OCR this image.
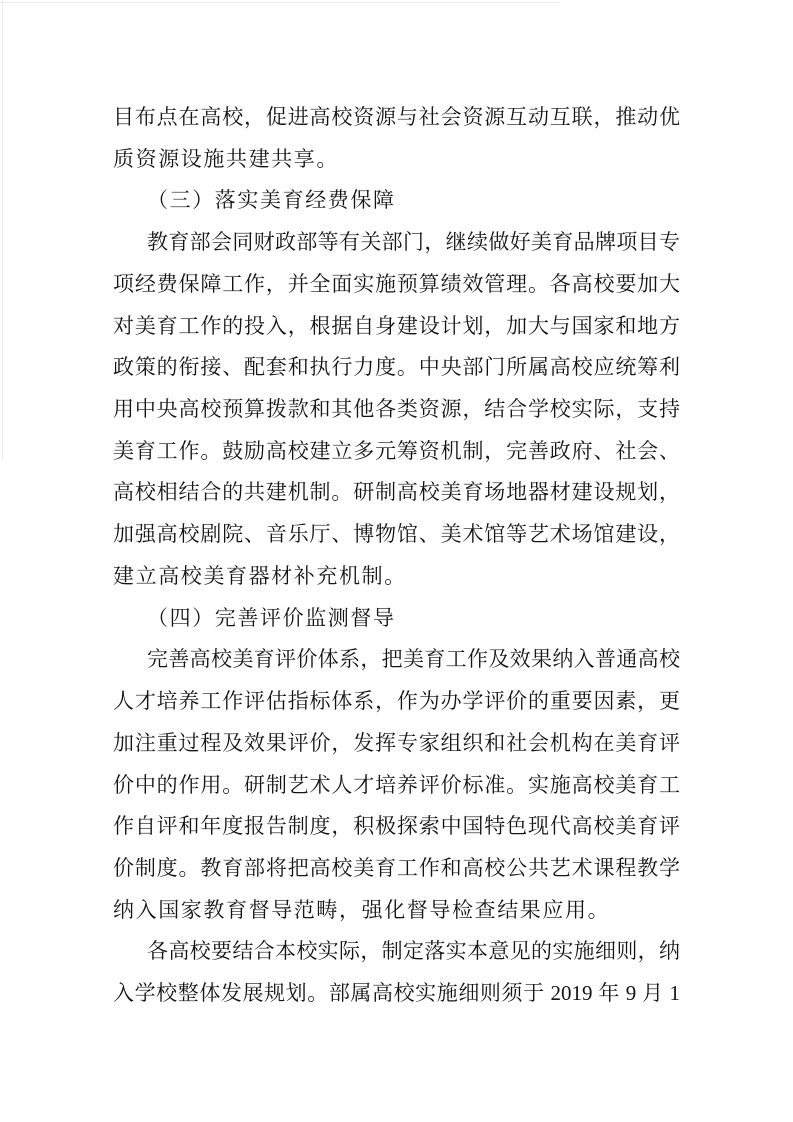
目布点在高校，促进高校资源与社会资源互动互联，推动优
质资源设施共建共享。
（三）落实美育经费保障
教育部会同财政部等有关部门，继续做好美育品牌项目专
项经费保障工作，并全面实施预算绩效管理。各高校要加大
对美育工作的投入，根据自身建设计划，加大与国家和地方
政策的衔接、配套和执行力度。中央部门所属高校应统筹利
用中央高校预算拨款和其他各类资源，结合学校实际，支持
美育工作。鼓励高校建立多元筹资机制，完善政府、社会、
高校相结合的共建机制。研制高校美育场地器材建设规划，
加强高校剧院、音乐厅、博物馆、美术馆等艺术场馆建设，
建立高校美育器材补充机制。
（四）完善评价监测督导
完善高校美育评价体系，把美育工作及效果纳入普通高校
人才培养工作评估指标体系，作为办学评价的重要因素，更
加注重过程及效果评价，发挥专家组织和社会机构在美育评
价中的作用。研制艺术人才培养评价标准。实施高校美育工
作自评和年度报告制度，积极探索中国特色现代高校美育评
价制度。教育部将把高校美育工作和高校公共艺术课程教学
纳入国家教育督导范畴，强化督导检查结果应用。
各高校要结合本校实际，制定落实本意见的实施细则，纳
入学校整体发展规划。部属高校实施细则须于 2019 年 9 月 1
